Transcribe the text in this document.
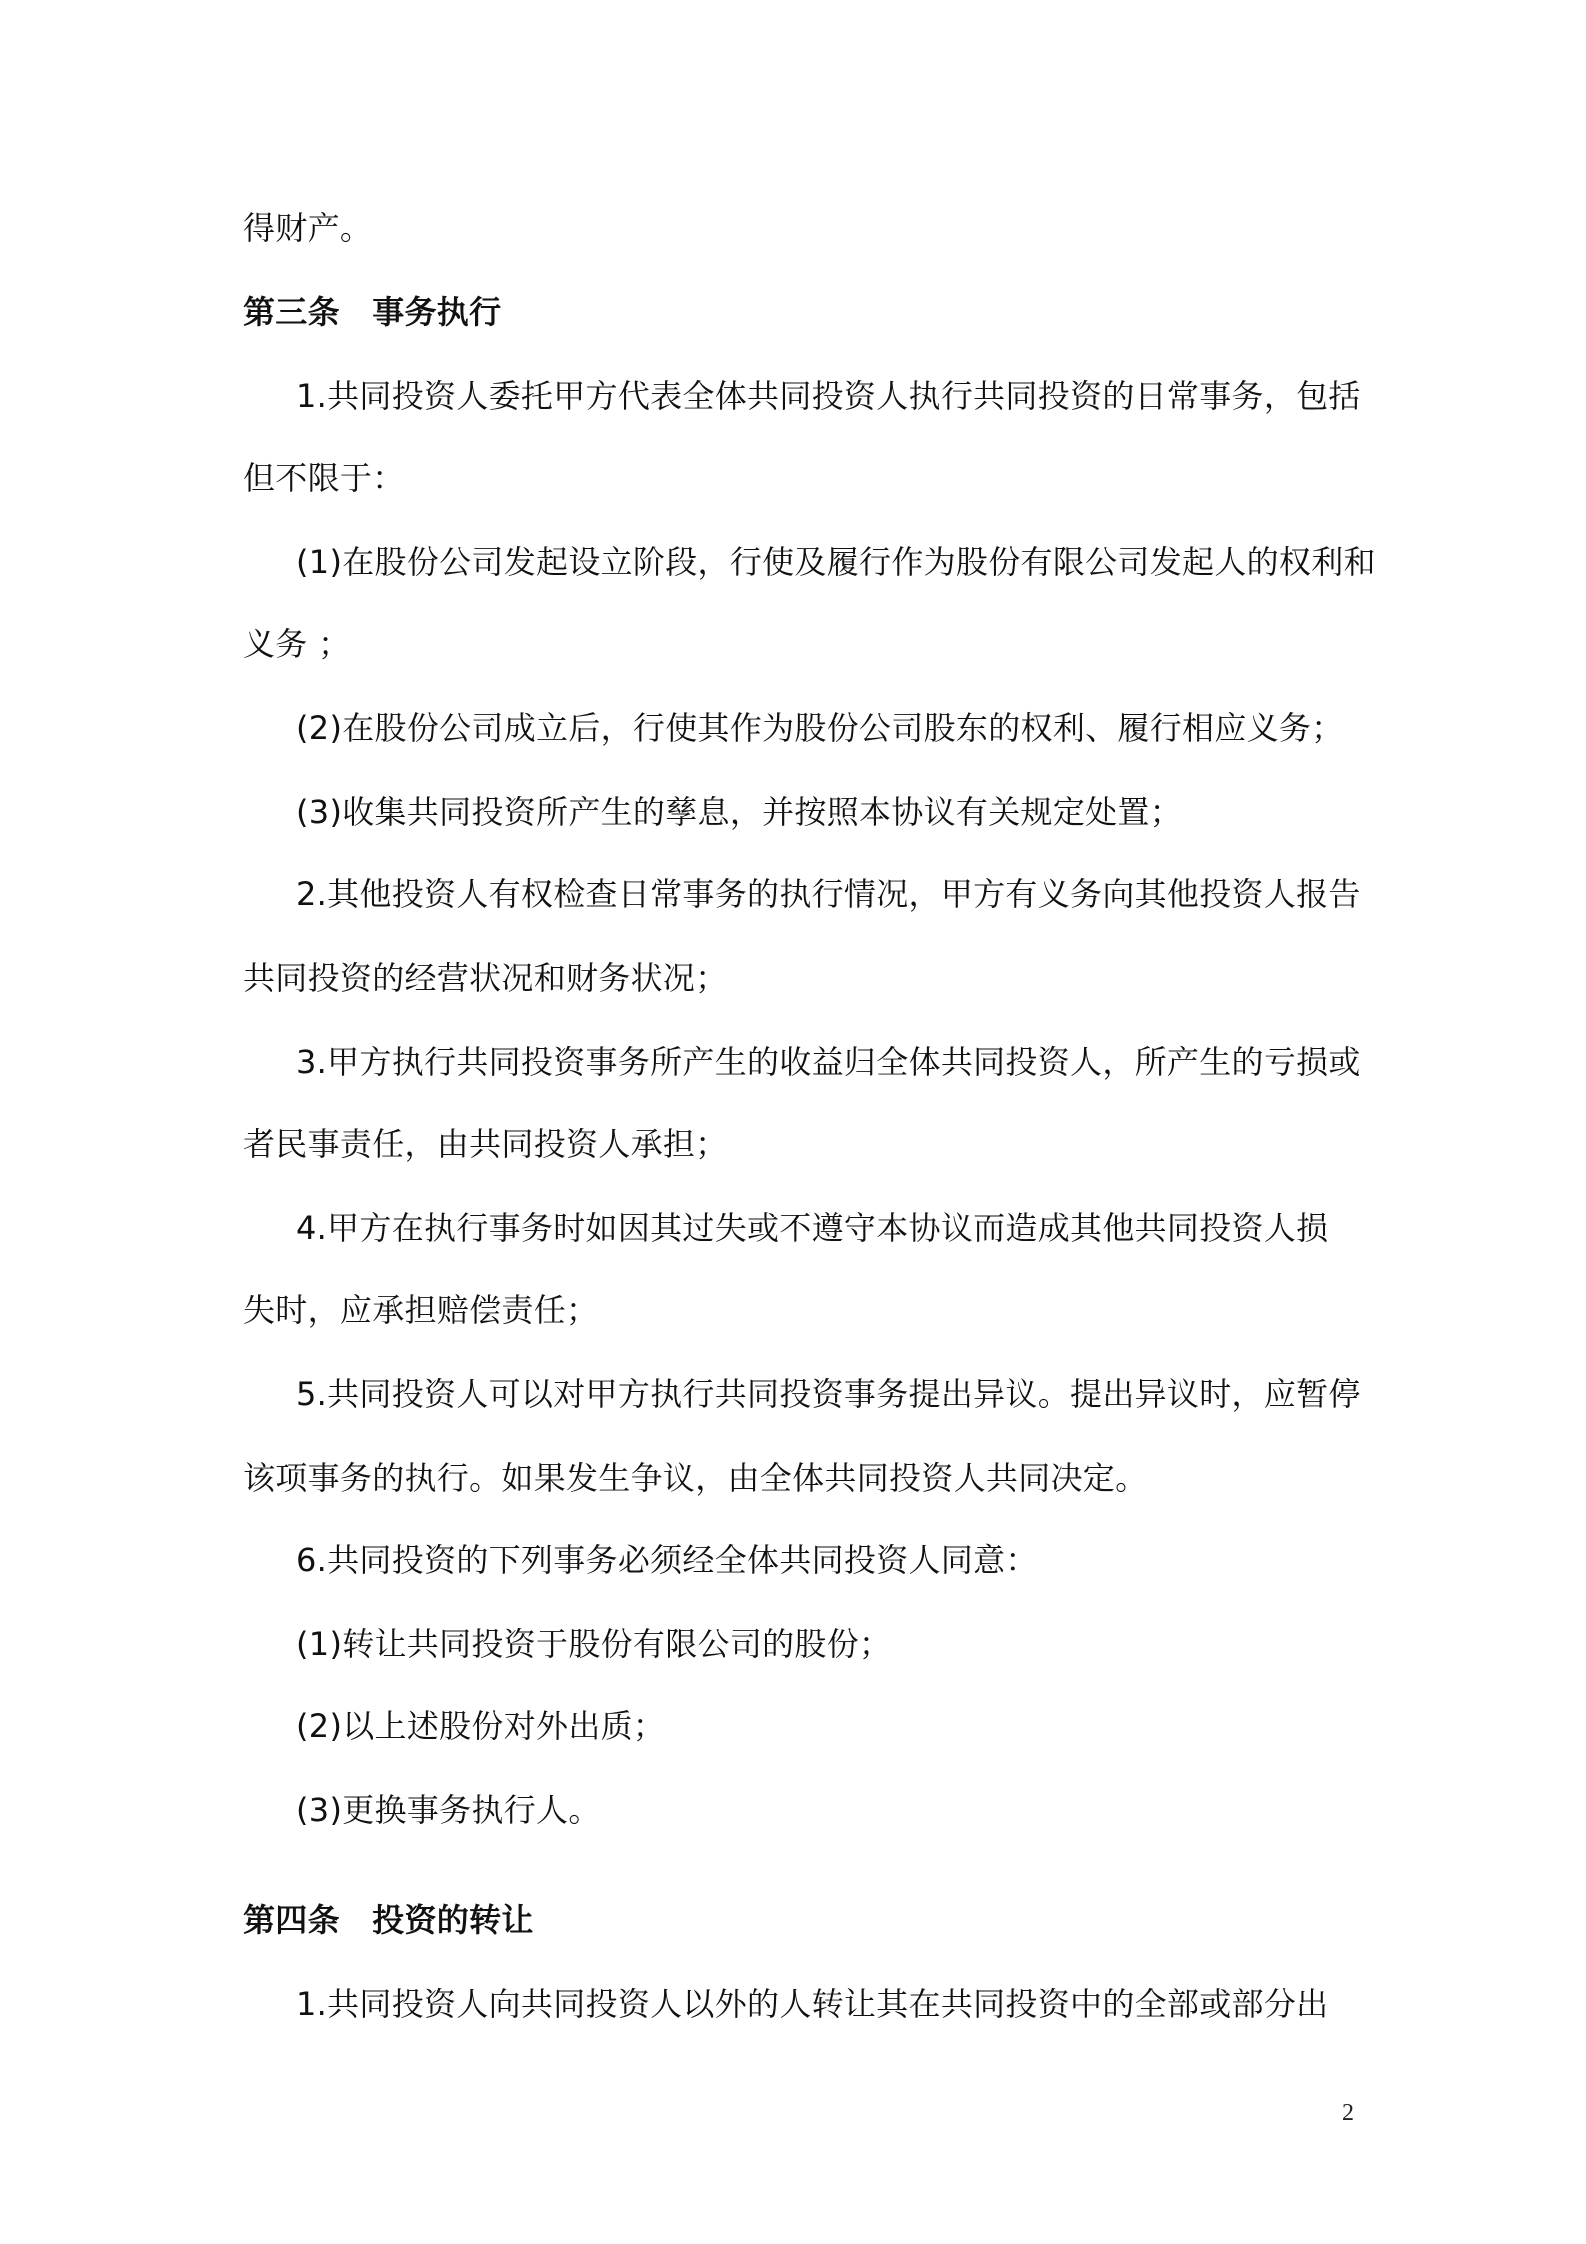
得财产。
第三条　事务执行
1.共同投资人委托甲方代表全体共同投资人执行共同投资的日常事务，包括
但不限于：
(1)在股份公司发起设立阶段，行使及履行作为股份有限公司发起人的权利和
义务 ；
(2)在股份公司成立后，行使其作为股份公司股东的权利、履行相应义务；
(3)收集共同投资所产生的孳息，并按照本协议有关规定处置；
2.其他投资人有权检查日常事务的执行情况，甲方有义务向其他投资人报告
共同投资的经营状况和财务状况；
3.甲方执行共同投资事务所产生的收益归全体共同投资人，所产生的亏损或
者民事责任，由共同投资人承担；
4.甲方在执行事务时如因其过失或不遵守本协议而造成其他共同投资人损
失时，应承担赔偿责任；
5.共同投资人可以对甲方执行共同投资事务提出异议。提出异议时，应暂停
该项事务的执行。如果发生争议，由全体共同投资人共同决定。
6.共同投资的下列事务必须经全体共同投资人同意：
(1)转让共同投资于股份有限公司的股份；
(2)以上述股份对外出质；
(3)更换事务执行人。
第四条　投资的转让
1.共同投资人向共同投资人以外的人转让其在共同投资中的全部或部分出
2
